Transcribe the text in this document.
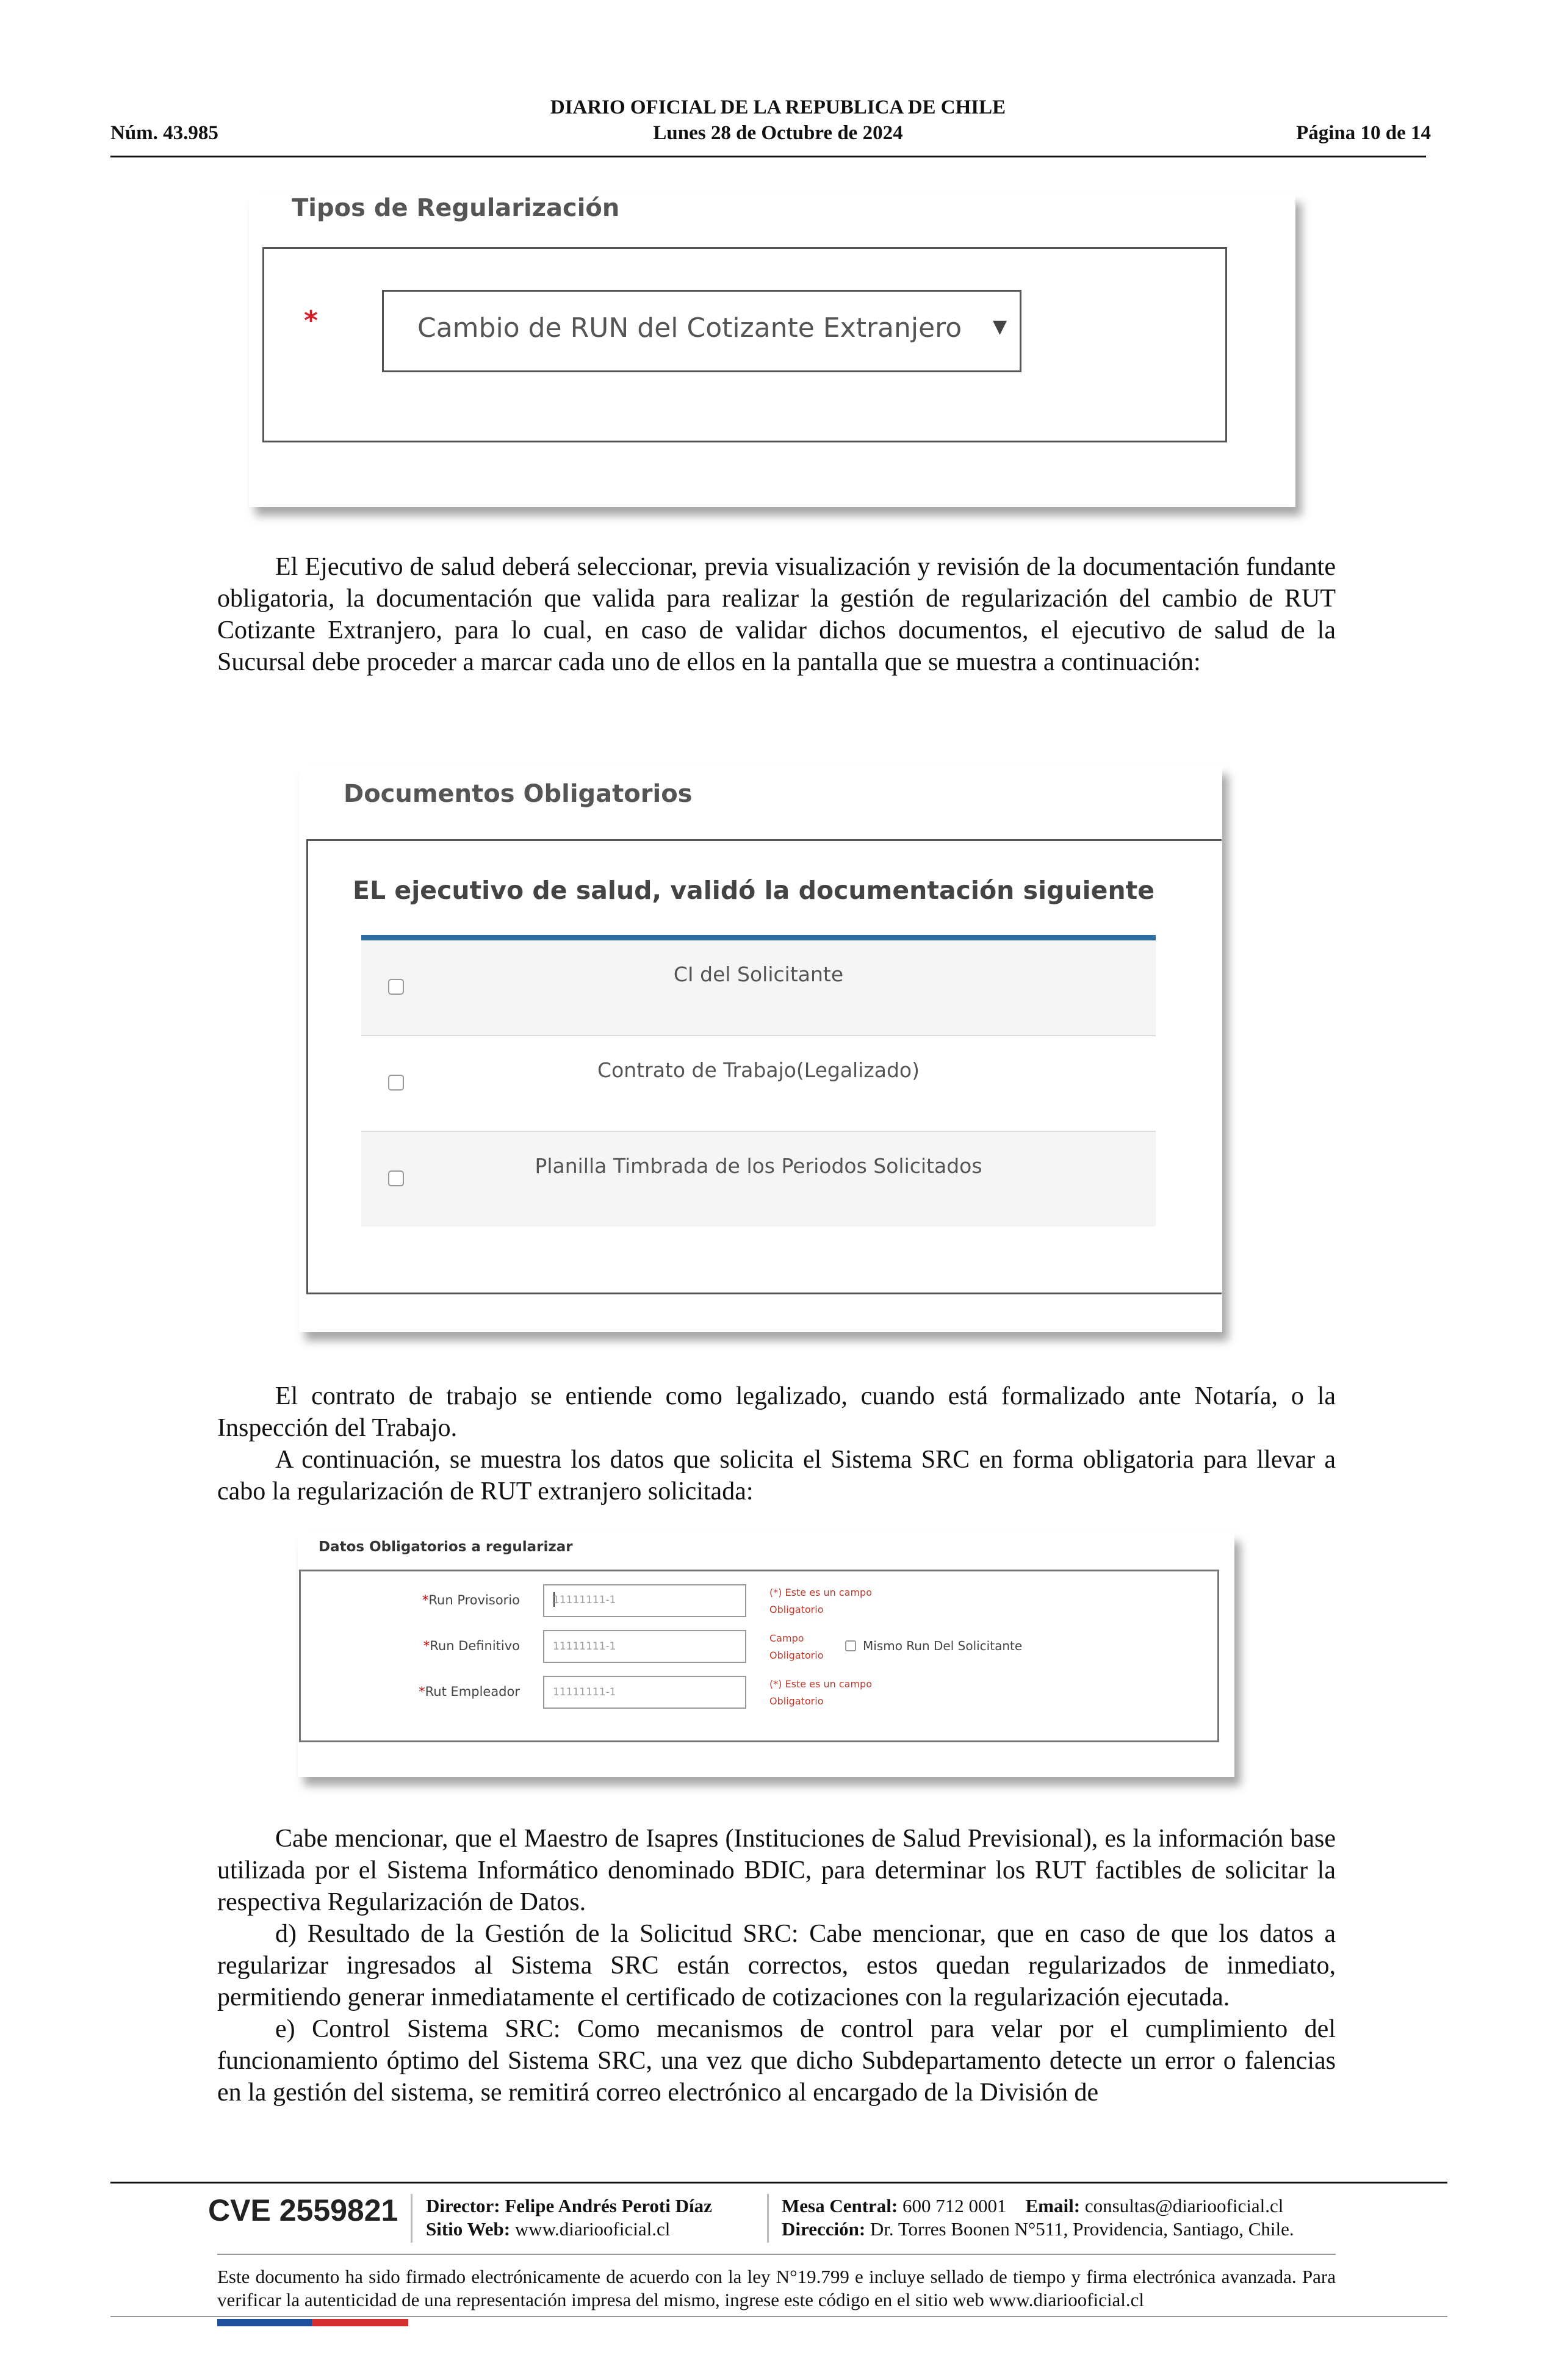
DIARIO OFICIAL DE LA REPUBLICA DE CHILE
Núm. 43.985	Lunes 28 de Octubre de 2024	Página 10 de 14
Tipos de Regularización
*	Cambio de RUN del Cotizante Extranjero ▼

El Ejecutivo de salud deberá seleccionar, previa visualización y revisión de la documentación fundante obligatoria, la documentación que valida para realizar la gestión de regularización del cambio de RUT Cotizante Extranjero, para lo cual, en caso de validar dichos documentos, el ejecutivo de salud de la Sucursal debe proceder a marcar cada uno de ellos en la pantalla que se muestra a continuación:

Documentos Obligatorios
EL ejecutivo de salud, validó la documentación siguiente
CI del Solicitante
Contrato de Trabajo(Legalizado)
Planilla Timbrada de los Periodos Solicitados

El contrato de trabajo se entiende como legalizado, cuando está formalizado ante Notaría, o la Inspección del Trabajo.

A continuación, se muestra los datos que solicita el Sistema SRC en forma obligatoria para llevar a cabo la regularización de RUT extranjero solicitada:

Datos Obligatorios a regularizar
*Run Provisorio	11111111-1
(*) Este es un campo
Obligatorio
*Run Definitivo	11111111-1
Campo
Obligatorio
Mismo Run Del Solicitante
*Rut Empleador	11111111-1
(*) Este es un campo
Obligatorio

Cabe mencionar, que el Maestro de Isapres (Instituciones de Salud Previsional), es la información base utilizada por el Sistema Informático denominado BDIC, para determinar los RUT factibles de solicitar la respectiva Regularización de Datos.

d) Resultado de la Gestión de la Solicitud SRC: Cabe mencionar, que en caso de que los datos a regularizar ingresados al Sistema SRC están correctos, estos quedan regularizados de inmediato, permitiendo generar inmediatamente el certificado de cotizaciones con la regularización ejecutada.

e) Control Sistema SRC: Como mecanismos de control para velar por el cumplimiento del funcionamiento óptimo del Sistema SRC, una vez que dicho Subdepartamento detecte un error o falencias en la gestión del sistema, se remitirá correo electrónico al encargado de la División de

CVE 2559821 Director: Felipe Andrés Peroti Díaz
Sitio Web: www.diariooficial.cl
Mesa Central: 600 712 0001 Email: consultas@diariooficial.cl
Dirección: Dr. Torres Boonen N°511, Providencia, Santiago, Chile.
Este documento ha sido firmado electrónicamente de acuerdo con la ley N°19.799 e incluye sellado de tiempo y firma electrónica avanzada. Para verificar la autenticidad de una representación impresa del mismo, ingrese este código en el sitio web www.diariooficial.cl
